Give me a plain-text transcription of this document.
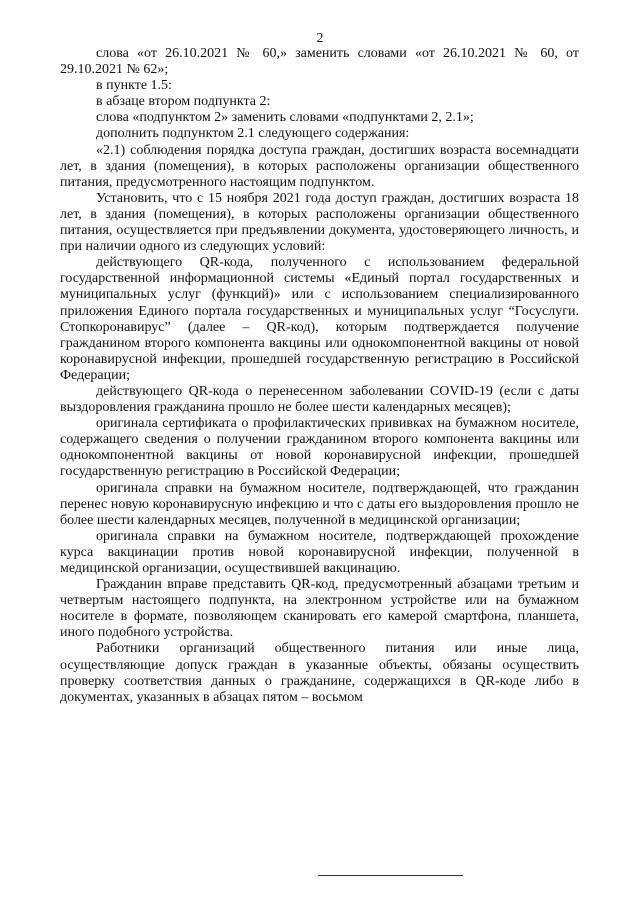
2

слова «от 26.10.2021 № 60,» заменить словами «от 26.10.2021 № 60, от 29.10.2021 № 62»;

в пункте 1.5:

в абзаце втором подпункта 2:

слова «подпунктом 2» заменить словами «подпунктами 2, 2.1»;

дополнить подпунктом 2.1 следующего содержания:

«2.1) соблюдения порядка доступа граждан, достигших возраста восемнадцати лет, в здания (помещения), в которых расположены организации общественного питания, предусмотренного настоящим подпунктом.

Установить, что с 15 ноября 2021 года доступ граждан, достигших возраста 18 лет, в здания (помещения), в которых расположены организации общественного питания, осуществляется при предъявлении документа, удостоверяющего личность, и при наличии одного из следующих условий:

действующего QR-кода, полученного с использованием федеральной государственной информационной системы «Единый портал государственных и муниципальных услуг (функций)» или с использованием специализированного приложения Единого портала государственных и муниципальных услуг “Госуслуги. Стопкоронавирус” (далее – QR-код), которым подтверждается получение гражданином второго компонента вакцины или однокомпонентной вакцины от новой коронавирусной инфекции, прошедшей государственную регистрацию в Российской Федерации;

действующего QR-кода о перенесенном заболевании COVID-19 (если с даты выздоровления гражданина прошло не более шести календарных месяцев);

оригинала сертификата о профилактических прививках на бумажном носителе, содержащего сведения о получении гражданином второго компонента вакцины или однокомпонентной вакцины от новой коронавирусной инфекции, прошедшей государственную регистрацию в Российской Федерации;

оригинала справки на бумажном носителе, подтверждающей, что гражданин перенес новую коронавирусную инфекцию и что с даты его выздоровления прошло не более шести календарных месяцев, полученной в медицинской организации;

оригинала справки на бумажном носителе, подтверждающей прохождение курса вакцинации против новой коронавирусной инфекции, полученной в медицинской организации, осуществившей вакцинацию.

Гражданин вправе представить QR-код, предусмотренный абзацами третьим и четвертым настоящего подпункта, на электронном устройстве или на бумажном носителе в формате, позволяющем сканировать его камерой смартфона, планшета, иного подобного устройства.

Работники организаций общественного питания или иные лица, осуществляющие допуск граждан в указанные объекты, обязаны осуществить проверку соответствия данных о гражданине, содержащихся в QR-коде либо в документах, указанных в абзацах пятом – восьмом
